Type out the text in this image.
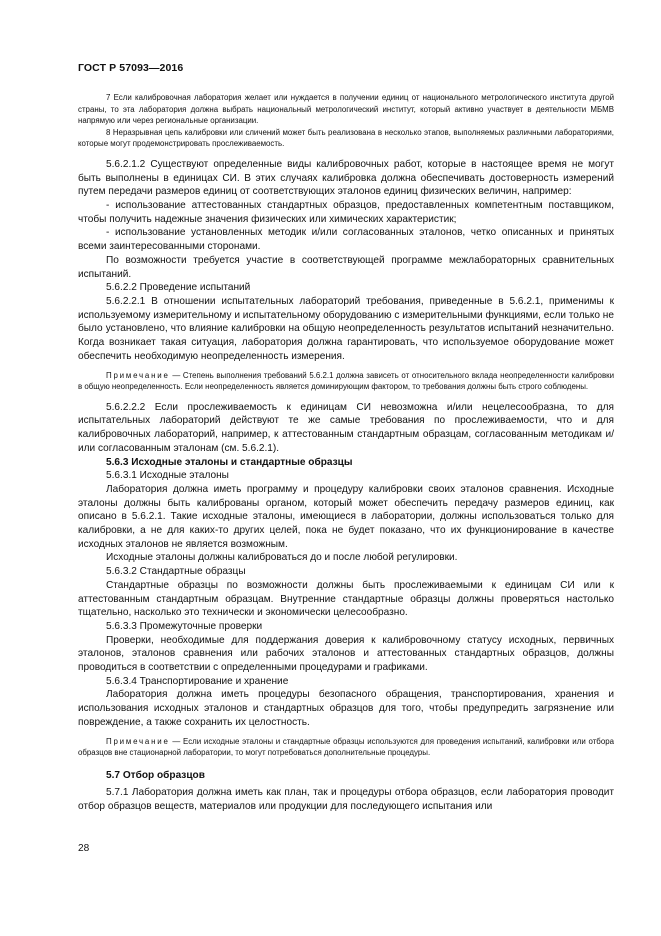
ГОСТ Р 57093—2016

7 Если калибровочная лаборатория желает или нуждается в получении единиц от национального метрологического института другой страны, то эта лаборатория должна выбрать национальный метрологический институт, который активно участвует в деятельности МБМВ напрямую или через региональные организации.

8 Неразрывная цепь калибровки или сличений может быть реализована в несколько этапов, выполняемых различными лабораториями, которые могут продемонстрировать прослеживаемость.

5.6.2.1.2 Существуют определенные виды калибровочных работ, которые в настоящее время не могут быть выполнены в единицах СИ. В этих случаях калибровка должна обеспечивать достоверность измерений путем передачи размеров единиц от соответствующих эталонов единиц физических величин, например:

- использование аттестованных стандартных образцов, предоставленных компетентным поставщиком, чтобы получить надежные значения физических или химических характеристик;

- использование установленных методик и/или согласованных эталонов, четко описанных и принятых всеми заинтересованными сторонами.

По возможности требуется участие в соответствующей программе межлабораторных сравнительных испытаний.

5.6.2.2 Проведение испытаний

5.6.2.2.1 В отношении испытательных лабораторий требования, приведенные в 5.6.2.1, применимы к используемому измерительному и испытательному оборудованию с измерительными функциями, если только не было установлено, что влияние калибровки на общую неопределенность результатов испытаний незначительно. Когда возникает такая ситуация, лаборатория должна гарантировать, что используемое оборудование может обеспечить необходимую неопределенность измерения.

Примечание — Степень выполнения требований 5.6.2.1 должна зависеть от относительного вклада неопределенности калибровки в общую неопределенность. Если неопределенность является доминирующим фактором, то требования должны быть строго соблюдены.

5.6.2.2.2 Если прослеживаемость к единицам СИ невозможна и/или нецелесообразна, то для испытательных лабораторий действуют те же самые требования по прослеживаемости, что и для калибровочных лабораторий, например, к аттестованным стандартным образцам, согласованным методикам и/или согласованным эталонам (см. 5.6.2.1).

5.6.3 Исходные эталоны и стандартные образцы

5.6.3.1 Исходные эталоны

Лаборатория должна иметь программу и процедуру калибровки своих эталонов сравнения. Исходные эталоны должны быть калиброваны органом, который может обеспечить передачу размеров единиц, как описано в 5.6.2.1. Такие исходные эталоны, имеющиеся в лаборатории, должны использоваться только для калибровки, а не для каких-то других целей, пока не будет показано, что их функционирование в качестве исходных эталонов не является возможным.

Исходные эталоны должны калиброваться до и после любой регулировки.

5.6.3.2 Стандартные образцы

Стандартные образцы по возможности должны быть прослеживаемыми к единицам СИ или к аттестованным стандартным образцам. Внутренние стандартные образцы должны проверяться настолько тщательно, насколько это технически и экономически целесообразно.

5.6.3.3 Промежуточные проверки

Проверки, необходимые для поддержания доверия к калибровочному статусу исходных, первичных эталонов, эталонов сравнения или рабочих эталонов и аттестованных стандартных образцов, должны проводиться в соответствии с определенными процедурами и графиками.

5.6.3.4 Транспортирование и хранение

Лаборатория должна иметь процедуры безопасного обращения, транспортирования, хранения и использования исходных эталонов и стандартных образцов для того, чтобы предупредить загрязнение или повреждение, а также сохранить их целостность.

Примечание — Если исходные эталоны и стандартные образцы используются для проведения испытаний, калибровки или отбора образцов вне стационарной лаборатории, то могут потребоваться дополнительные процедуры.

5.7 Отбор образцов

5.7.1 Лаборатория должна иметь как план, так и процедуры отбора образцов, если лаборатория проводит отбор образцов веществ, материалов или продукции для последующего испытания или

28
